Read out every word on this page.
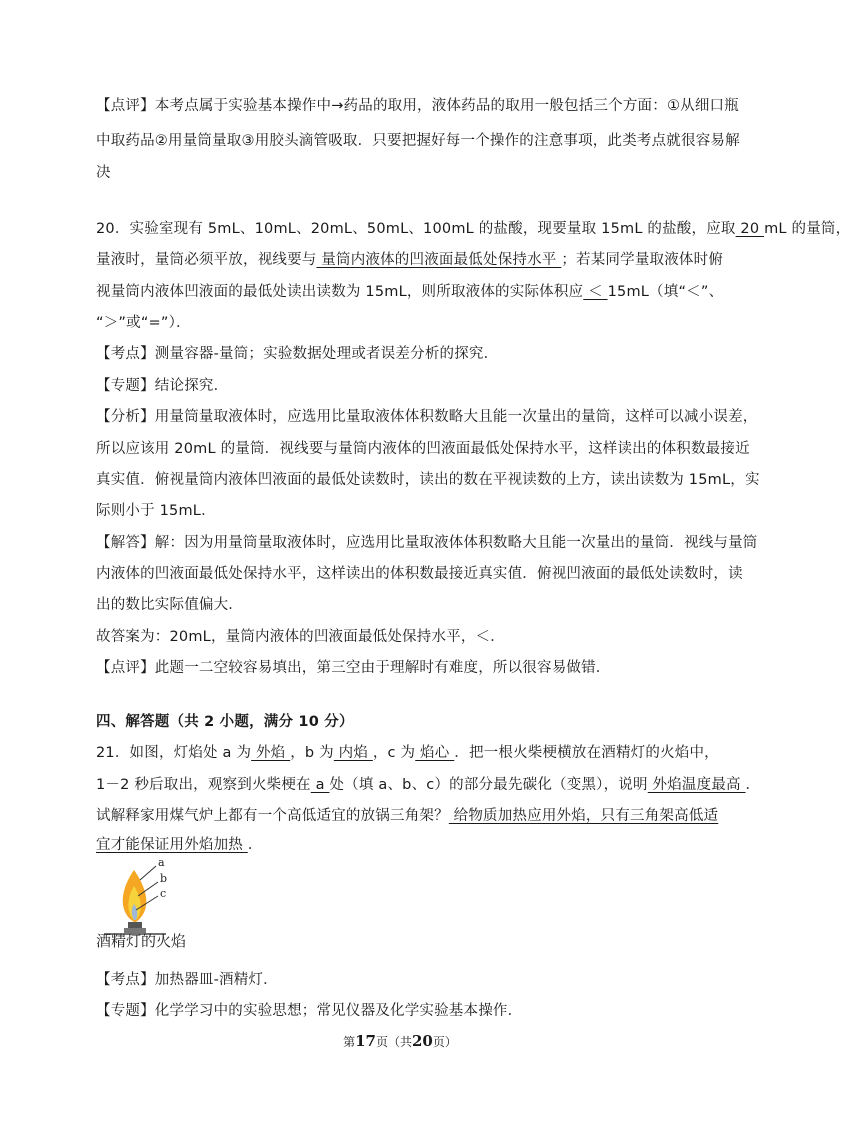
【点评】本考点属于实验基本操作中→药品的取用，液体药品的取用一般包括三个方面：①从细口瓶
中取药品②用量筒量取③用胶头滴管吸取．只要把握好每一个操作的注意事项，此类考点就很容易解
决
20．实验室现有 5mL、10mL、20mL、50mL、100mL 的盐酸，现要量取 15mL 的盐酸，应取 20 mL 的量筒，
量液时，量筒必须平放，视线要与 量筒内液体的凹液面最低处保持水平 ；若某同学量取液体时俯
视量筒内液体凹液面的最低处读出读数为 15mL，则所取液体的实际体积应 ＜ 15mL（填“＜”、
“＞”或“=”）．
【考点】测量容器-量筒；实验数据处理或者误差分析的探究．
【专题】结论探究．
【分析】用量筒量取液体时，应选用比量取液体体积数略大且能一次量出的量筒，这样可以减小误差，
所以应该用 20mL 的量筒．视线要与量筒内液体的凹液面最低处保持水平，这样读出的体积数最接近
真实值．俯视量筒内液体凹液面的最低处读数时，读出的数在平视读数的上方，读出读数为 15mL，实
际则小于 15mL．
【解答】解：因为用量筒量取液体时，应选用比量取液体体积数略大且能一次量出的量筒．视线与量筒
内液体的凹液面最低处保持水平，这样读出的体积数最接近真实值．俯视凹液面的最低处读数时，读
出的数比实际值偏大．
故答案为：20mL，量筒内液体的凹液面最低处保持水平，＜．
【点评】此题一二空较容易填出，第三空由于理解时有难度，所以很容易做错．
四、解答题（共 2 小题，满分 10 分）
21．如图，灯焰处 a 为 外焰 ，b 为 内焰 ，c 为 焰心 ．把一根火柴梗横放在酒精灯的火焰中，
1－2 秒后取出，观察到火柴梗在 a 处（填 a、b、c）的部分最先碳化（变黑），说明 外焰温度最高 ．
试解释家用煤气炉上都有一个高低适宜的放锅三角架？ 给物质加热应用外焰，只有三角架高低适
宜才能保证用外焰加热 ．
a
b
c
酒精灯的火焰
【考点】加热器皿-酒精灯．
【专题】化学学习中的实验思想；常见仪器及化学实验基本操作．
第17页（共20页）
